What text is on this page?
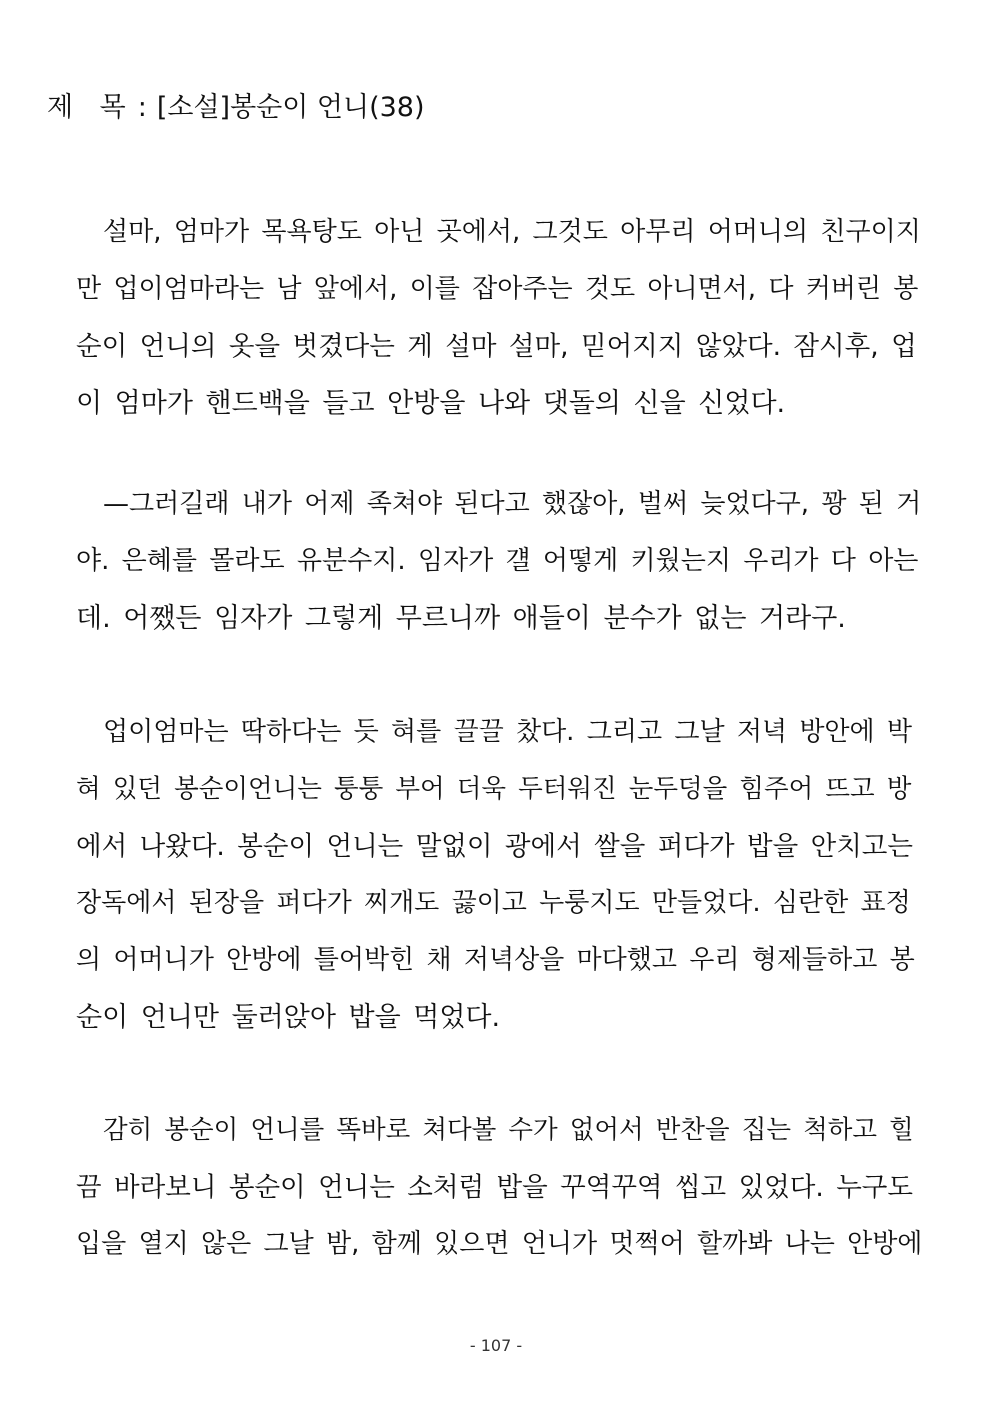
제 목 : [소설]봉순이 언니(38)
설마, 엄마가 목욕탕도 아닌 곳에서, 그것도 아무리 어머니의 친구이지
만 업이엄마라는 남 앞에서, 이를 잡아주는 것도 아니면서, 다 커버린 봉
순이 언니의 옷을 벗겼다는 게 설마 설마, 믿어지지 않았다. 잠시후, 업
이 엄마가 핸드백을 들고 안방을 나와 댓돌의 신을 신었다.
—그러길래 내가 어제 족쳐야 된다고 했잖아, 벌써 늦었다구, 꽝 된 거
야. 은혜를 몰라도 유분수지. 임자가 걜 어떻게 키웠는지 우리가 다 아는
데. 어쨌든 임자가 그렇게 무르니까 애들이 분수가 없는 거라구.
업이엄마는 딱하다는 듯 혀를 끌끌 찼다. 그리고 그날 저녁 방안에 박
혀 있던 봉순이언니는 퉁퉁 부어 더욱 두터워진 눈두덩을 힘주어 뜨고 방
에서 나왔다. 봉순이 언니는 말없이 광에서 쌀을 퍼다가 밥을 안치고는
장독에서 된장을 퍼다가 찌개도 끓이고 누룽지도 만들었다. 심란한 표정
의 어머니가 안방에 틀어박힌 채 저녁상을 마다했고 우리 형제들하고 봉
순이 언니만 둘러앉아 밥을 먹었다.
감히 봉순이 언니를 똑바로 쳐다볼 수가 없어서 반찬을 집는 척하고 힐
끔 바라보니 봉순이 언니는 소처럼 밥을 꾸역꾸역 씹고 있었다. 누구도
입을 열지 않은 그날 밤, 함께 있으면 언니가 멋쩍어 할까봐 나는 안방에
- 107 -
